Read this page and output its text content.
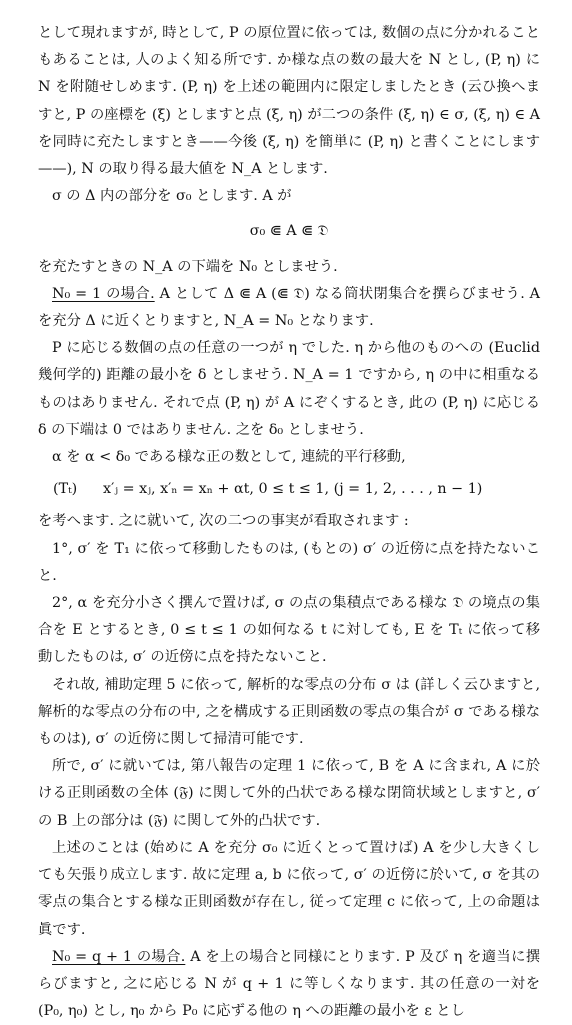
として現れますが, 時として, P の原位置に依っては, 数個の点に分かれることもあることは, 人のよく知る所です. か様な点の数の最大を N とし, (P, η) に N を附随せしめます. (P, η) を上述の範囲内に限定しましたとき (云ひ換へますと, P の座標を (ξ) としますと点 (ξ, η) が二つの条件 (ξ, η) ∈ σ, (ξ, η) ∈ A を同時に充たしますとき——今後 (ξ, η) を簡単に (P, η) と書くことにします——), N の取り得る最大値を N_A とします.

σ の Δ 内の部分を σ₀ とします. A が

σ₀ ⋐ A ⋐ 𝔇

を充たすときの N_A の下端を N₀ としませう.

N₀ = 1 の場合. A として Δ ⋐ A (⋐ 𝔇) なる筒状閉集合を撰らびませう. A を充分 Δ に近くとりますと, N_A = N₀ となります.

P に応じる数個の点の任意の一つが η でした. η から他のものへの (Euclid 幾何学的) 距離の最小を δ としませう. N_A = 1 ですから, η の中に相重なるものはありません. それで点 (P, η) が A にぞくするとき, 此の (P, η) に応じる δ の下端は 0 ではありません. 之を δ₀ としませう.

α を α < δ₀ である様な正の数として, 連続的平行移動,

(Tₜ)	x′ⱼ = xⱼ, x′ₙ = xₙ + αt, 0 ≤ t ≤ 1, (j = 1, 2, . . . , n − 1)

を考へます. 之に就いて, 次の二つの事実が看取されます :

1°, σ′ を T₁ に依って移動したものは, (もとの) σ′ の近傍に点を持たないこと.

2°, α を充分小さく撰んで置けば, σ の点の集積点である様な 𝔇 の境点の集合を E とするとき, 0 ≤ t ≤ 1 の如何なる t に対しても, E を Tₜ に依って移動したものは, σ′ の近傍に点を持たないこと.

それ故, 補助定理 5 に依って, 解析的な零点の分布 σ は (詳しく云ひますと, 解析的な零点の分布の中, 之を構成する正則函数の零点の集合が σ である様なものは), σ′ の近傍に関して掃清可能です.

所で, σ′ に就いては, 第八報告の定理 1 に依って, B を A に含まれ, A に於ける正則函数の全体 (𝔉) に関して外的凸状である様な閉筒状域としますと, σ′ の B 上の部分は (𝔉) に関して外的凸状です.

上述のことは (始めに A を充分 σ₀ に近くとって置けば) A を少し大きくしても矢張り成立します. 故に定理 a, b に依って, σ′ の近傍に於いて, σ を其の零点の集合とする様な正則函数が存在し, 従って定理 c に依って, 上の命題は眞です.

N₀ = q + 1 の場合. A を上の場合と同様にとります. P 及び η を適当に撰らびますと, 之に応じる N が q + 1 に等しくなります. 其の任意の一対を (P₀, η₀) とし, η₀ から P₀ に応ずる他の η への距離の最小を ε とし
